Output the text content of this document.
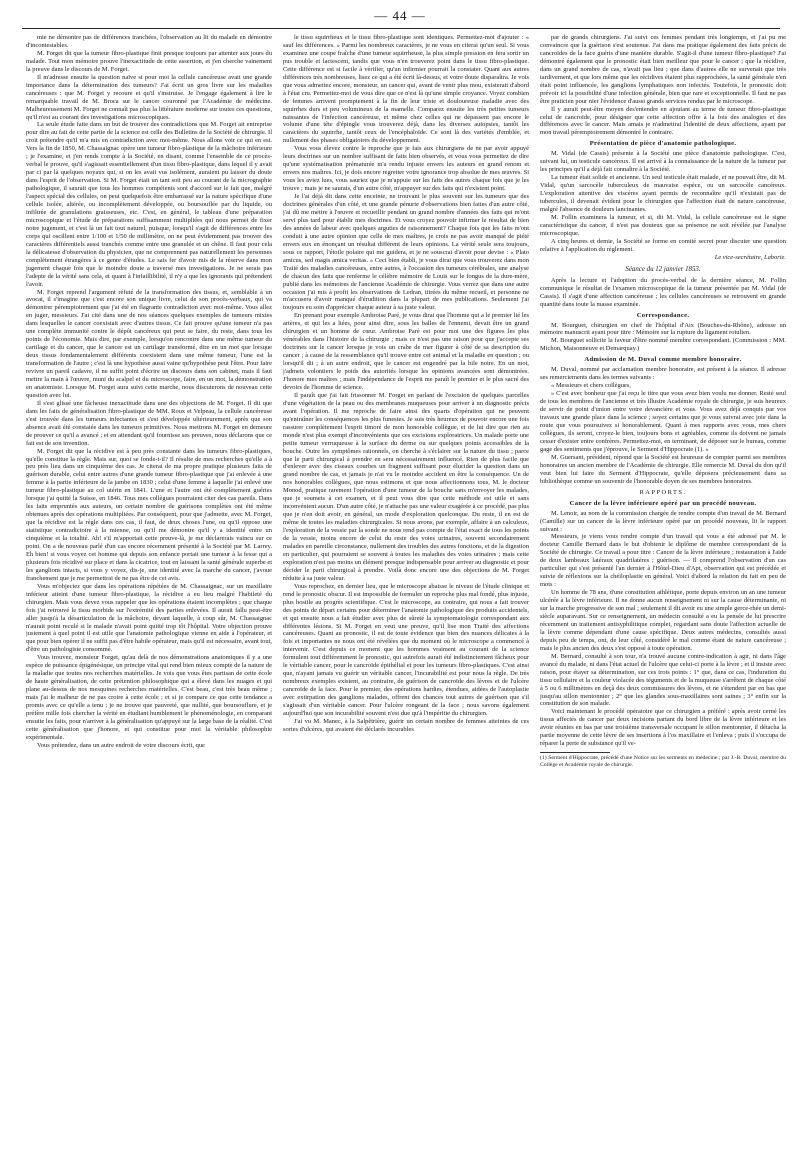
— 44 —

mie ne démontre pas de différences tranchées, l'observation au lit du malade en démontre d'incontestables.

M. Forget dit que la tumeur fibro-plastique finit presque toujours par attenter aux jours du malade. Tout mon mémoire prouve l'inexactitude de cette assertion, et j'en cherche vainement la preuve dans le discours de M. Forget.

Il m'adresse ensuite la question naïve si pour moi la cellule cancéreuse avait une grande importance dans la détermination des tumeurs? J'ai écrit un gros livre sur les maladies cancéreuses : que M. Forget y recoure et qu'il s'instruise. Je l'engage également à lire le remarquable travail de M. Broca sur le cancer couronné par l'Académie de médecine. Malheureusement M. Forget ne connaît pas plus la littérature moderne sur toutes ces questions, qu'il n'est au courant des investigations microscopiques.

La seule étude faite dans un but de trouver des contradictions que M. Forget ait entreprise pour dire au fait de cette partie de la science est celle des Bulletins de la Société de chirurgie. Il croit prétendre qu'il m'a mis en contradiction avec moi-même. Nous allons voir ce qui en est. Vers la fin de 1850, M. Chassaignac opère une tumeur fibro-plastique de la mâchoire inférieure ; je l'examine, et j'en rends compte à la Société, en disant, comme l'ensemble de ce procès-verbal le prouve, qu'il s'agissait essentiellement d'un tissu fibro-plastique, dans lequel il y avait par ci par là quelques noyaux qui, si on les avait vus isolément, auraient pu laisser du doute dans l'esprit de l'observation. Si M. Forget était un tant soit peu au courant de la micrographie pathologique, il saurait que tous les hommes compétents sont d'accord sur le fait que, malgré l'aspect spécial des cellules, on peut quelquefois être embarrassé sur la nature spécifique d'une cellule isolée, altérée, ou incomplètement développée, ou boursouflée par du liquide, ou infiltrée de granulations graisseuses, etc. C'est, en général, le tableau d'une préparation microscopique et l'étude de préparations suffisamment multipliées qui nous permet de fixer notre jugement, et c'est là un fait tout naturel, puisque, lorsqu'il s'agit de différences entre les corps qui oscillent entre 1/100 et 1/50 de millimètre, on ne peut évidemment pas trouver des caractères différentiels aussi tranchés comme entre une granulée et un chêne. Il faut pour cela la délicatesse d'observation du physicien, que ne comprennent pas naturellement les personnes complètement étrangères à ce genre d'études. Le sais fer d'avoir mis de la réserve dans mon jugement chaque fois que le moindre doute a traversé mes investigations. Je ne serais pas l'adepte de la vérité sans cela, et quant à l'infaillibilité, il n'y a que les ignorants qui prétendent l'avoir.

M. Forget reprend l'argument réfuté de la transformation des tissus, et, semblable à un avocat, il s'imagine que c'est encore son unique livre, celui de son procès-verbaux, qui va démontrer péremptoirement que j'ai été en flagrante contradiction avec moi-même. Vous allez en juger, messieurs. J'ai cité dans une de nos séances quelques exemples de tumeurs mixtes dans lesquelles le cancer coexistait avec d'autres tissus. Ce fait prouve qu'une tumeur n'a pas une complète immunité contre le dépôt cancéreux qui peut se faire, du reste, dans tous les points de l'économie. Mais dire, par exemple, lorsqu'on rencontre dans une même tumeur du cartilage et du cancer, que le cancer est un cartilage transformé, dire en un mot que lorsque deux tissus fondamentalement différents coexistent dans une même tumeur, l'une est la transformation de l'autre ; c'est là une hypothèse aussi vaine qu'hypothèse peut l'être. Pour faire revivre un pareil cadavre, il ne suffit point d'écrire un discours dans son cabinet, mais il faut mettre la main à l'œuvre, muni du scalpel et du microscope, faire, en un mot, la démonstration en anatomiste. Lorsque M. Forget aura suivi cette marche, nous discuterons de nouveau cette question avec lui.

Il s'est glissé une fâcheuse inexactitude dans une des objections de M. Forget. Il dit que dans les faits de généralisation fibro-plastique de MM. Roux et Velpeau, la cellule cancéreuse s'est trouvée dans les tumeurs infectantes et s'est développée ultérieurement, après que son absence avait été constatée dans les tumeurs primitives. Nous mettrons M. Forget en demeure de prouver ce qu'il a avancé ; et en attendant qu'il fournisse ses preuves, nous déclarons que ce fait est de son invention.

M. Forget dit que la récidive est à peu près constante dans les tumeurs fibro-plastiques, qu'elle constitue la règle. Mais sur, quoi se fonde-t-il? Il résulte de mes recherches qu'elle a à peu près lieu dans un cinquième des cas. Je citerai de ma propre pratique plusieurs faits de guérison durable, celui entre autres d'une grande tumeur fibro-plastique que j'ai enlevée à une femme à la partie inférieure de la jambe en 1830 ; celui d'une femme à laquelle j'ai enlevé une tumeur fibro-plastique au col utérin en 1841. L'une et l'autre ont été complètement guéries lorsque j'ai quitté la Suisse, en 1846. Tous mes collègues pourraient citer des cas pareils. Dans les faits empruntés aux auteurs, un certain nombre de guérisons complètes ont été même obtenues après des opérations multipliées. Par conséquent, pour que j'admette, avec M. Forget, que la récidive est la règle dans ces cas, il faut, de deux choses l'une, ou qu'il oppose une statistique contradictoire à la mienne, ou qu'il me démontre qu'il y a identité entre un cinquième et la totalité. Ah! s'il m'apportait cette preuve-là, je me déclarerais vaincu sur ce point. On a de nouveau parlé d'un cas encore récemment présenté à la Société par M. Larrey. Eh bien! si vous voyez cet homme qui depuis son enfance portait une tumeur à la fesse qui a plusieurs fois récidivé sur place et dans la cicatrice, tout en laissant la santé générale superbe et les ganglions intacts, si vous y voyez, dis-je, une identité avec la marche du cancer, j'avoue franchement que je me permettrai de ne pas être de cet avis.

Vous m'objectez que dans les opérations répétées de M. Chassaignac, sur un maxillaire inférieur atteint d'une tumeur fibro-plastique, la récidive a eu lieu malgré l'habileté du chirurgien. Mais vous devez vous rappeler que les opérations étaient incomplètes ; que chaque fois j'ai retrouvé le tissu morbide sur l'extrémité des parties enlevées. Il aurait fallu peut-être aller jusqu'à la désarticulation de la mâchoire, devant laquelle, à coup sûr, M. Chassaignac n'aurait point reculé si le malade n'avait point quitté trop tôt l'hôpital. Votre objection prouve justement à quel point il est utile que l'anatomie pathologique vienne en aide à l'opérateur, et que pour bien opérer il ne suffit pas d'être habile opérateur, mais qu'il est nécessaire, avant tout, d'être un pathologiste consommé.

Vous trouvez, monsieur Forget, qu'au delà de nos démonstrations anatomiques il y a une espèce de puissance épigénésique, un principe vital qui rend bien mieux compte de la nature de la maladie que toutes nos recherches matérielles. Je vois que vous êtes partisan de cette école de haute généralisation, de cette prétention philosophique qui a élevé dans les nuages et qui plane au-dessus de nos mesquines recherches matérielles. C'est beau, c'est très beau même ; mais j'ai le malheur de ne pas croire à cette école ; et si je compare ce que cette tendance a promis avec ce qu'elle a tenu ; je ne trouve que pauvreté, que nullité, que boursouflure, et je préfère mille fois chercher la vérité en étudiant humblement le phénoménologie, en comparant ensuite les faits, pour n'arriver à la généralisation qu'appuyé sur la large base de la réalité. C'est cette généralisation que j'honore, et qui constitue pour moi la véritable philosophie expérimentale.

Vous prétendez, dans un autre endroit de votre discours écrit, que

le tissu squirrheux et le tissu fibro-plastique sont identiques. Permettez-moi d'ajouter : « sauf les différences. » Parmi les nombreux caractères, je ne vous en citerai qu'un seul. Si vous examinez une coupe fraîche d'une tumeur squirrheuse, la plus simple pression en fera sortir un pus trouble et lactescent, tandis que vous n'en trouverez point dans le tissu fibro-plastique. Cette différence est si facile à vérifier, qu'un infirmier pourrait la constater. Quant aux autres différences très nombreuses, lisez ce qui a été écrit là-dessus, et votre doute disparaîtra. Je vois que vous admettez encore, monsieur, un cancer qui, avant de venir plus mou, existerait d'abord à l'état cru. Permettez-moi de vous dire que ce n'est là qu'une simple croyance. Voyez combien de femmes arrivent promptement à la fin de leur triste et douloureuse maladie avec des squirrhes durs et peu volumineux de la mamelle. Comparez ensuite les très petites tumeurs naissantes de l'infection cancéreuse, et même chez celles qui ne dépassent pas encore le volume d'une tête d'épingle vous trouverez déjà, dans les diverses autopsies, tantôt les caractères du squirrhe, tantôt ceux de l'encéphaloïde. Ce sont là des variétés d'emblée, et nullement des phases obligatoires du développement.

Vous vous élevez contre le reproche que je fais aux chirurgiens de ne par avoir appuyé leurs doctrines sur un nombre suffisant de faits bien observés, et vous vous permettez de dire qu'une systématisation prématurée m'a rendu injuste envers les auteurs en grand renom et envers nos maîtres. Ici, je dois encore regretter votre ignorance trop absolue de mes œuvres. Si vous les aviez lues, vous sauriez que je m'appuie sur les faits des autres chaque fois que je les trouve ; mais je ne saurais, d'un autre côté, m'appuyer sur des faits qui n'existent point.

Je l'ai déjà dit dans cette enceinte, ne trouvant le plus souvent sur les tumeurs que des doctrines générales d'un côté, et une grande pénurie d'observations bien faites d'un autre côté, j'ai dû me mettre à l'œuvre et recueillir pendant un grand nombre d'années des faits qui m'ont servi plus tard pour établir mes doctrines. Et vous croyez pouvoir infirmer le résultat de bien des années de labeur avec quelques arguties de raisonnement? Chaque fois que les faits m'ont conduit à une autre opinion que celle de mes maîtres, je crois ne pas avoir manqué de piété envers eux en énonçant un résultat différent de leurs opinions. La vérité seule sera toujours, sous ce rapport, l'étoile polaire qui me guidera, et je ne souscrai d'avoir pour devise : « Plato amicus, sed magis amica veritas. » Ceci bien établi, je vous dirai que vous trouverez dans mon Traité des maladies cancéreuses, entre autres, à l'occasion des tumeurs cérébrales, une analyse de chacun des faits que renferme le célèbre mémoire de Louis sur le fongus de la dure-mère, publié dans les mémoires de l'ancienne Académie de chirurgie. Vous verrez que dans une autre occasion j'ai mis à profit les observations de Ledran, titrées du même recueil, et personne ne m'accusera d'avoir manqué d'érudition dans la plupart de mes publications. Seulement j'ai toujours eu soin d'apprécier chaque auteur à sa juste valeur.

En prenant pour exemple Ambroise Paré, je vous dirai que l'homme qui a le premier lié les artères, et qui les a liées, pour ainsi dire, sous les balles de l'ennemi, devait être un grand chirurgien et un homme de cœur. Ambroise Paré est pour moi une des figures les plus vénérables dans l'histoire de la chirurgie ; mais ce n'est pas une raison pour que j'accepte ses doctrines sur le cancer lorsque je vois un crabe de mer figurer à côté de sa description du cancer ; à cause de la ressemblance qu'il trouve entre cet animal et la maladie en question ; ou lorsqu'il dit ; à un autre endroit, que le cancer est engendré par la bile noire. En un mot, j'admets volontiers le poids des autorités lorsque les opinions avancées sont démontrées. J'honore mes maîtres ; mais l'indépendance de l'esprit me paraît le premier et le plus sacré des devoirs de l'homme de science.

Il paraît que j'ai fait frissonner M. Forget en parlant de l'excision de quelques parcelles d'une végétation de la peau ou des membranes muqueuses pour arriver à un diagnostic précis avant l'opération. Il me reproche de faire ainsi des quarts d'opération qui ne peuvent qu'entraîner les conséquences les plus funestes. Je suis très heureux de pouvoir encore une fois rassurer complètement l'esprit timoré de mon honorable collègue, et de lui dire que rien au monde n'est plus exempt d'inconvénients que ces excisions exploratrices. Un malade porte une petite tumeur verruqueuse à la surface du derme ou sur quelques points accessibles de la bouche. Outre les symptômes rationnels, on cherche à s'éclairer sur la nature du tissu ; parce que le parti chirurgical à prendre en sera nécessairement influencé. Rien de plus facile que d'enlever avec des ciseaux courbes un fragment suffisant pour élucider la question dans un grand nombre de cas, et jamais je n'ai vu le moindre accident en être la conséquence. Un de nos honorables collègues, que nous estimons et que nous affectionnons tous, M. le docteur Monod, pratique rarement l'opération d'une tumeur de la bouche sans m'envoyer les malades, que je soumets à cet examen, et il peut vous dire que cette méthode est utile et sans inconvénient aucun. D'un autre côté, je n'attache pas une valeur exagérée à ce procédé, pas plus que je n'en doit avoir, en général, un mode d'exploration quelconque. Du reste, il en est de même de toutes les maladies chirurgicales. Si nous avons, par exemple, affaire à un calculeux, l'exploration de la vessie par la sonde ne nous rend pas compte de l'état exact de tous les points de la vessie, moins encore de celui du reste des voies urinaires, souvent secondairement malades en pareille circonstance, nullement des troubles des autres fonctions, et de la digestion en particulier, qui pourraient se souvent à toutes les maladies des voies urinaires ; mais cette exploration n'est pas moins un élément presque indispensable pour arriver au diagnostic et pour décider le parti chirurgical à prendre. Voilà donc encore une des objections de M. Forget réduite à sa juste valeur.

Vous reprochez, en dernier lieu, que le microscope abaisse le niveau de l'étude clinique et rend le pronostic obscur. Il est impossible de formuler un reproche plus mal fondé, plus injuste, plus hostile au progrès scientifique. C'est le microscope, au contraire, qui nous a fait trouver des points de départ certains pour déterminer l'anatomie pathologique des produits accidentels, et qui ensuite nous a fait étudier avec plus de sûreté la symptomatologie correspondant aux différentes lésions. Si M. Forget en veut une preuve, qu'il lise mon Traité des affections cancéreuses. Quant au pronostic, il est de toute évidence que bien des nuances délicates à la fois et importantes ne nous ont été révélées que du moment où le microscope a commencé à intervenir. C'est depuis ce moment que les hommes vraiment au courant de la science formulent tout différemment le pronostic, qui autrefois aurait été indistinctement fâcheux pour le véritable cancer, pour le cancroïde épithélial et pour les tumeurs fibro-plastiques. C'est ainsi que, n'ayant jamais vu guérir un véritable cancer, l'incurabilité est pour nous la règle. De très nombreux exemples existent, au contraire, de guérison de cancroïde des lèvres et de l'ulcère cancroïde de la face. Pour le premier, des opérations hardies, étendues, aidées de l'autoplastie avec extirpation des ganglions malades, offrent des chances tout autres de guérison que s'il s'agissait d'un véritable cancer. Pour l'ulcère rongeant de la face ; nous savons également aujourd'hui que son incurabilité souvent n'est due qu'à l'impéritie du chirurgien.

J'ai vu M. Manec, à la Salpêtrière, guérir un certain nombre de femmes atteintes de ces sortes d'ulcères, qui avaient été déclarés incurables

par de grands chirurgiens. J'ai suivi ces femmes pendant très longtemps, et j'ai pu me convaincre que la guérison s'est soutenue. J'ai dans ma pratique également des faits précis de cancroïdes de la face guéris d'une manière durable. S'agit-il d'une tumeur fibro-plastique? J'ai démontré également que le pronostic était bien meilleur que pour le cancer ; que la récidive, dans un grand nombre de cas, n'avait pas lieu ; que dans d'autres elle ne survenait que très tardivement, et que lors même que les récidives étaient plus rapprochées, la santé générale n'en était point influencée, les ganglions lymphatiques non infectés. Toutefois, le pronostic doit prévoir ici la possibilité d'une infection générale, bien que rare et exceptionnelle. Il faut ne pas être praticien pour nier l'évidence d'aussi grands services rendus par le microscope.

Il y aurait peut-être moyen des'entendre en ajoutant au terme de tumeur fibro-plastique celui de cancroïde, pour désigner que cette affection offre à la fois des analogies et des différences avec le cancer. Mais amais je n'admettrai l'identité de deux affections, ayant par mon travail péremptoirement démontré le contraire.

Présentation de pièce d'anatomie pathologique.

M. Vidal (de Cassis) présente à la Société une pièce d'anatomie pathologique. C'est, suivant lui, un testicule cancéreux. Il est arrivé à la connaissance de la nature de la tumeur par les principes qu'il a déjà fait connaître à la Société.

La tumeur était solide et ancienne. Un seul testicule était malade, et ne pouvait être, dit M. Vidal, qu'un sarcocèle tuberculeux de mauvaise espèce, ou un sarcocèle cancéreux. L'exploration attentive des viscères ayant permis de reconnaître qu'il n'existait pas de tubercules, il devenait évident pour le chirurgien que l'affection était de nature cancéreuse, malgré l'absence de douleurs lancinantes.

M. Follin examinera la tumeur, et si, dit M. Vidal, la cellule cancéreuse est le signe caractéristique du cancer, il n'est pas douteux que sa présence ne soit révélée par l'analyse microscopique.

A cinq heures et demie, la Société se forme en comité secret pour discuter une question relative à l'application du règlement.

Le vice-secrétaire, Laborie.

Séance du 12 janvier 1853.

Après la lecture et l'adoption du procès-verbal de la dernière séance, M. Follin communique le résultat de l'examen microscopique de la tumeur présentée par M. Vidal (de Cassis). Il s'agit d'une affection cancéreuse ; les cellules cancéreuses se retrouvent en grande quantité dans toute la masse examinée.

Correspondance.

M. Bourguet, chirurgien en chef de l'hôpital d'Aix (Bouches-du-Rhône), adresse un mémoire manuscrit ayant pour titre : Mémoire sur la rupture du ligament rotulien.

M. Bourguet sollicite la faveur d'être nommé membre correspondant. (Commission : MM. Michon, Maisonneuve et Demarquay.)

Admission de M. Duval comme membre honoraire.

M. Duval, nommé par acclamation membre honoraire, est présent à la séance. Il adresse ses remerciements dans les termes suivants :

« Messieurs et chers collègues,

» C'est avec bonheur que j'ai reçu le titre que vous avez bien voulu me donner. Resté seul de tous les membres de l'ancienne et très illustre Académie royale de chirurgie, je suis heureux de servir de point d'union entre votre devancière et vous. Vous avez déjà conquis par vos travaux une grande place dans la science ; soyez certains que je vous suivrai avec joie dans la route que vous poursuivez si honorablement. Quant à mes rapports avec vous, mes chers collègues, ils seront, croyez-le bien, toujours bons et agréables, comme ils doivent ne jamais cesser d'exister entre confrères. Permettez-moi, en terminant, de déposer sur le bureau, comme gage des sentiments que j'éprouve, le Serment d'Hippocrate (1). »

M. Guersant, président, répond que la Société est heureuse de compter parmi ses membres honoraires un ancien membre de l'Académie de chirurgie. Elle remercie M. Duval du don qu'il veut bien lui faire du Serment d'Hippocrate, qu'elle déposera précieusement dans sa bibliothèque comme un souvenir de l'honorable doyen de ses membres honoraires.

RAPPORTS.
Cancer de la lèvre inférieure opéré par un procédé nouveau.

M. Lenoir, au nom de la commission chargée de rendre compte d'un travail de M. Bernard (Camille) sur un cancer de la lèvre inférieure opéré par un procédé nouveau, lit le rapport suivant :

Messieurs, je viens vous rendre compte d'un travail qui vous a été adressé par M. le docteur Camille Bernard dans le but d'obtenir le diplôme de membre correspondant de la Société de chirurgie. Ce travail a pour titre : Cancer de la lèvre inférieure ; restauration à l'aide de deux lambeaux latéraux quadrilatères ; guérison. — Il comprend l'observation d'un cas particulier qui s'est présenté l'an dernier à l'Hôtel-Dieu d'Apt, observation qui est précédée et suivie de réflexions sur la chéiloplastie en général. Voici d'abord la relation du fait en peu de mots :

Un homme de 78 ans, d'une constitution athlétique, porte depuis environ un an une tumeur ulcérée à la lèvre inférieure. Il ne donne aucun renseignement ni sur la cause déterminante, ni sur la marche progressive de son mal ; seulement il dit avoir eu une simple gerce-rhée un demi-siècle auparavant. Sur ce renseignement, un médecin consulté a eu la pensée de lui prescrire récemment un traitement antisyphilitique complet, regardant sans doute l'affection actuelle de la lèvre comme dépendant d'une cause spécifique. Deux autres médecins, consultés aussi depuis peu de temps, ont, de leur côté, considéré le mal comme étant de nature cancéreuse ; mais le plus ancien des deux s'est opposé à toute opération.

M. Bernard, consulté à son tour, n'a trouvé aucune contre-indication à agir, ni dans l'âge avancé du malade, ni dans l'état actuel de l'ulcère que celui-ci porte à la lèvre ; et il insiste avec raison, pour étayer sa détermination, sur ces trois points : 1° que, dans ce cas, l'induration du tissu cellulaire et la couleur violacée des téguments et de la muqueuse s'arrêtent de chaque côté à 5 ou 6 millimètres en deçà des deux commissures des lèvres, et ne s'étendent par en bas que jusqu'au sillon mentonnier ; 2° que les glandes sous-maxillaires sont saines ; 3° enfin sur la constitution de son malade.

Voici maintenant le procédé opératoire que ce chirurgien a préféré : après avoir cerné les tissus affectés de cancer par deux incisions partant du bord libre de la lèvre inférieure et les avoir réunies en bas par une troisième transversale occupant le sillon mentonnier, il détacha la partie moyenne de cette lèvre de ses insertions à l'os maxillaire et l'enleva ; puis il s'occupa de réparer la perte de substance qu'il ve-

(1) Serment d'Hippocrate, précédé d'une Notice sur les serments en médecine ; par J.-B. Duval, membre du Collège et Académie royale de chirurgie.
